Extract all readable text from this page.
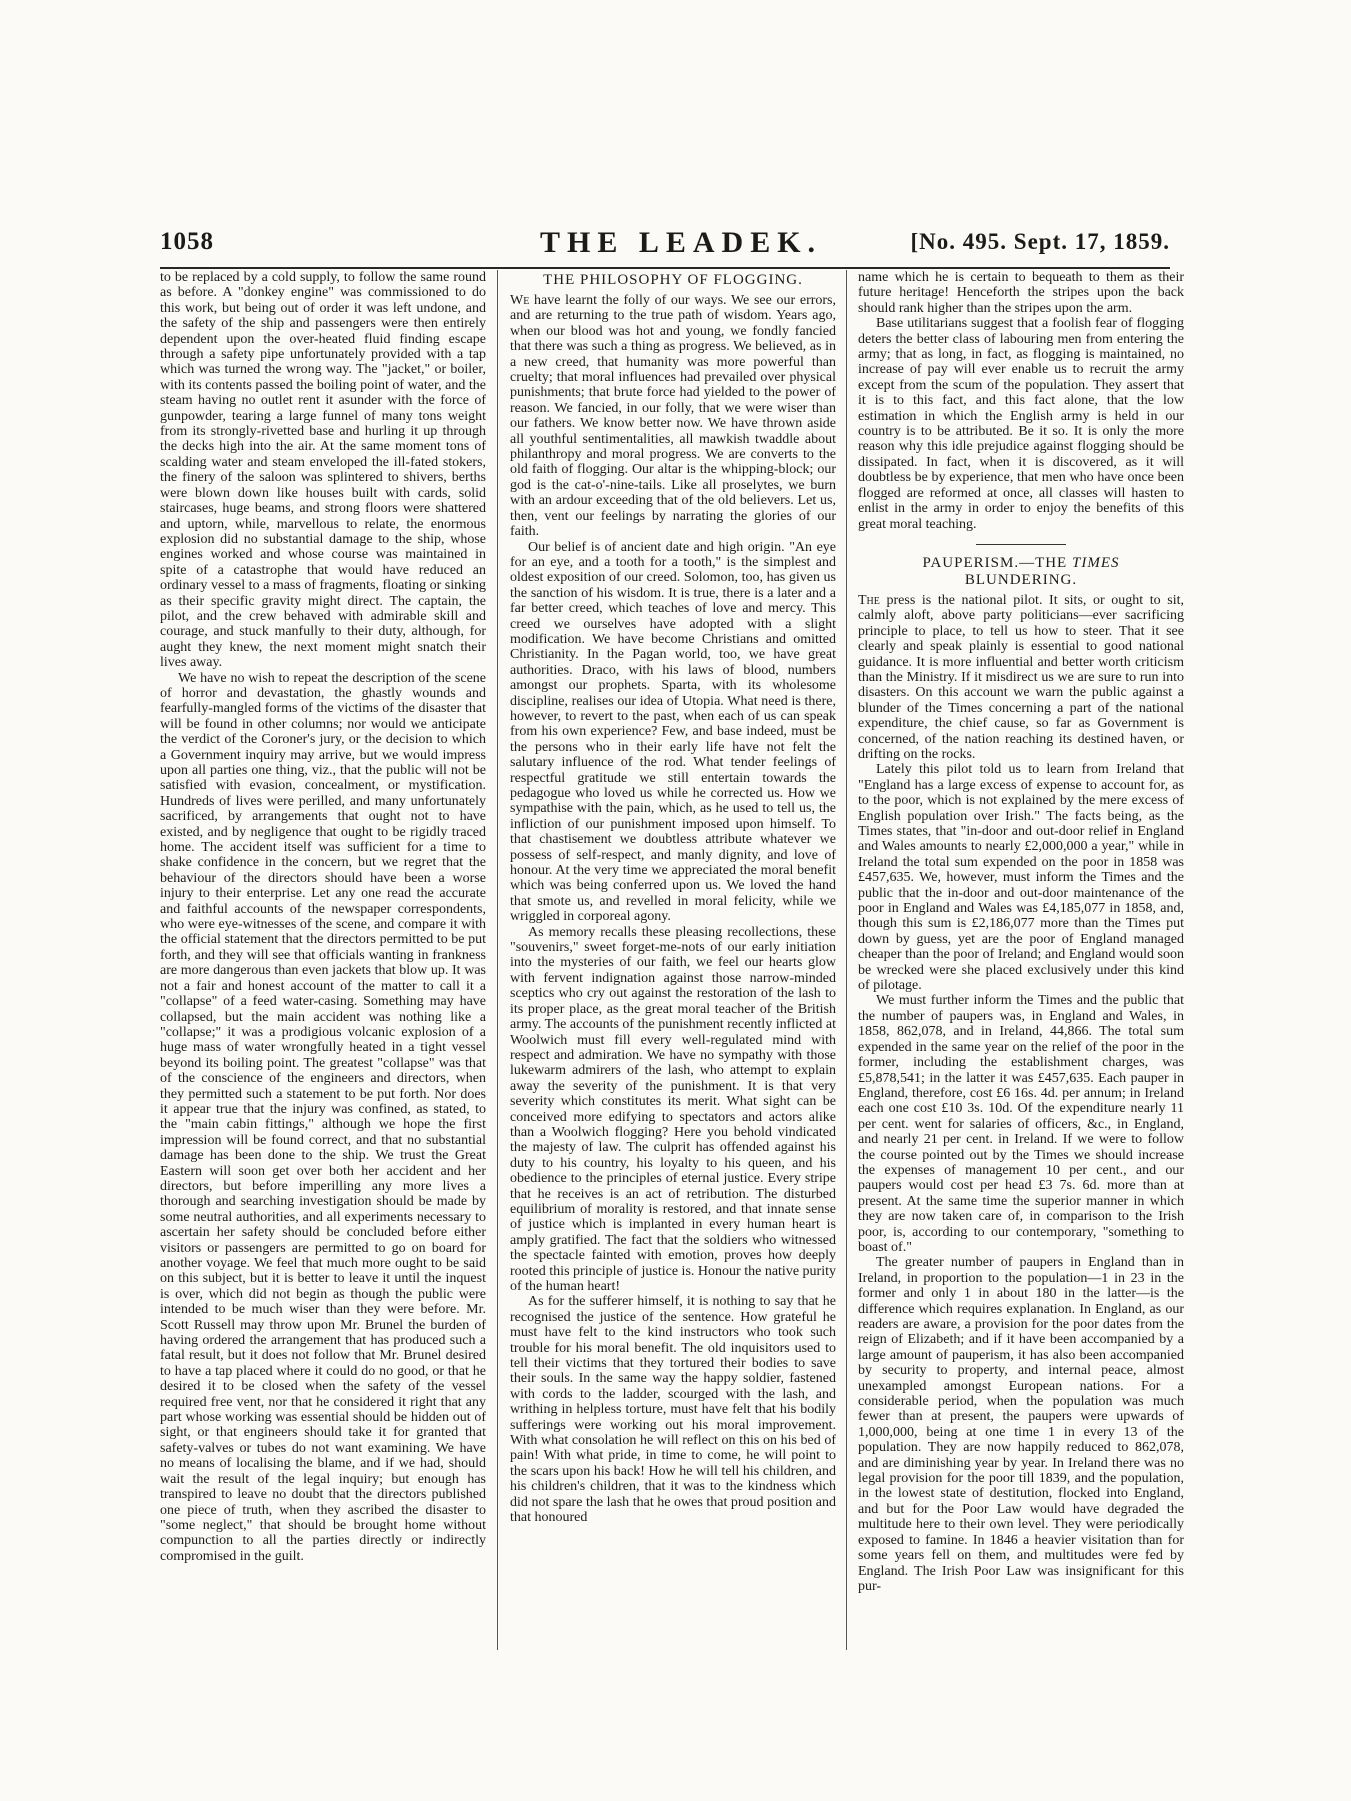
1058	THE LEADEK.	[No. 495. Sept. 17, 1859.

to be replaced by a cold supply, to follow the same round as before. A "donkey engine" was commissioned to do this work, but being out of order it was left undone, and the safety of the ship and passengers were then entirely dependent upon the over-heated fluid finding escape through a safety pipe unfortunately provided with a tap which was turned the wrong way. The "jacket," or boiler, with its contents passed the boiling point of water, and the steam having no outlet rent it asunder with the force of gunpowder, tearing a large funnel of many tons weight from its strongly-rivetted base and hurling it up through the decks high into the air. At the same moment tons of scalding water and steam enveloped the ill-fated stokers, the finery of the saloon was splintered to shivers, berths were blown down like houses built with cards, solid staircases, huge beams, and strong floors were shattered and uptorn, while, marvellous to relate, the enormous explosion did no substantial damage to the ship, whose engines worked and whose course was maintained in spite of a catastrophe that would have reduced an ordinary vessel to a mass of fragments, floating or sinking as their specific gravity might direct. The captain, the pilot, and the crew behaved with admirable skill and courage, and stuck manfully to their duty, although, for aught they knew, the next moment might snatch their lives away.

We have no wish to repeat the description of the scene of horror and devastation, the ghastly wounds and fearfully-mangled forms of the victims of the disaster that will be found in other columns; nor would we anticipate the verdict of the Coroner's jury, or the decision to which a Government inquiry may arrive, but we would impress upon all parties one thing, viz., that the public will not be satisfied with evasion, concealment, or mystification. Hundreds of lives were perilled, and many unfortunately sacrificed, by arrangements that ought not to have existed, and by negligence that ought to be rigidly traced home. The accident itself was sufficient for a time to shake confidence in the concern, but we regret that the behaviour of the directors should have been a worse injury to their enterprise. Let any one read the accurate and faithful accounts of the newspaper correspondents, who were eye-witnesses of the scene, and compare it with the official statement that the directors permitted to be put forth, and they will see that officials wanting in frankness are more dangerous than even jackets that blow up. It was not a fair and honest account of the matter to call it a "collapse" of a feed water-casing. Something may have collapsed, but the main accident was nothing like a "collapse;" it was a prodigious volcanic explosion of a huge mass of water wrongfully heated in a tight vessel beyond its boiling point. The greatest "collapse" was that of the conscience of the engineers and directors, when they permitted such a statement to be put forth. Nor does it appear true that the injury was confined, as stated, to the "main cabin fittings," although we hope the first impression will be found correct, and that no substantial damage has been done to the ship. We trust the Great Eastern will soon get over both her accident and her directors, but before imperilling any more lives a thorough and searching investigation should be made by some neutral authorities, and all experiments necessary to ascertain her safety should be concluded before either visitors or passengers are permitted to go on board for another voyage. We feel that much more ought to be said on this subject, but it is better to leave it until the inquest is over, which did not begin as though the public were intended to be much wiser than they were before. Mr. Scott Russell may throw upon Mr. Brunel the burden of having ordered the arrangement that has produced such a fatal result, but it does not follow that Mr. Brunel desired to have a tap placed where it could do no good, or that he desired it to be closed when the safety of the vessel required free vent, nor that he considered it right that any part whose working was essential should be hidden out of sight, or that engineers should take it for granted that safety-valves or tubes do not want examining. We have no means of localising the blame, and if we had, should wait the result of the legal inquiry; but enough has transpired to leave no doubt that the directors published one piece of truth, when they ascribed the disaster to "some neglect," that should be brought home without compunction to all the parties directly or indirectly compromised in the guilt.

THE PHILOSOPHY OF FLOGGING.

We have learnt the folly of our ways. We see our errors, and are returning to the true path of wisdom. Years ago, when our blood was hot and young, we fondly fancied that there was such a thing as progress. We believed, as in a new creed, that humanity was more powerful than cruelty; that moral influences had prevailed over physical punishments; that brute force had yielded to the power of reason. We fancied, in our folly, that we were wiser than our fathers. We know better now. We have thrown aside all youthful sentimentalities, all mawkish twaddle about philanthropy and moral progress. We are converts to the old faith of flogging. Our altar is the whipping-block; our god is the cat-o'-nine-tails. Like all proselytes, we burn with an ardour exceeding that of the old believers. Let us, then, vent our feelings by narrating the glories of our faith.

Our belief is of ancient date and high origin. "An eye for an eye, and a tooth for a tooth," is the simplest and oldest exposition of our creed. Solomon, too, has given us the sanction of his wisdom. It is true, there is a later and a far better creed, which teaches of love and mercy. This creed we ourselves have adopted with a slight modification. We have become Christians and omitted Christianity. In the Pagan world, too, we have great authorities. Draco, with his laws of blood, numbers amongst our prophets. Sparta, with its wholesome discipline, realises our idea of Utopia. What need is there, however, to revert to the past, when each of us can speak from his own experience? Few, and base indeed, must be the persons who in their early life have not felt the salutary influence of the rod. What tender feelings of respectful gratitude we still entertain towards the pedagogue who loved us while he corrected us. How we sympathise with the pain, which, as he used to tell us, the infliction of our punishment imposed upon himself. To that chastisement we doubtless attribute whatever we possess of self-respect, and manly dignity, and love of honour. At the very time we appreciated the moral benefit which was being conferred upon us. We loved the hand that smote us, and revelled in moral felicity, while we wriggled in corporeal agony.

As memory recalls these pleasing recollections, these "souvenirs," sweet forget-me-nots of our early initiation into the mysteries of our faith, we feel our hearts glow with fervent indignation against those narrow-minded sceptics who cry out against the restoration of the lash to its proper place, as the great moral teacher of the British army. The accounts of the punishment recently inflicted at Woolwich must fill every well-regulated mind with respect and admiration. We have no sympathy with those lukewarm admirers of the lash, who attempt to explain away the severity of the punishment. It is that very severity which constitutes its merit. What sight can be conceived more edifying to spectators and actors alike than a Woolwich flogging? Here you behold vindicated the majesty of law. The culprit has offended against his duty to his country, his loyalty to his queen, and his obedience to the principles of eternal justice. Every stripe that he receives is an act of retribution. The disturbed equilibrium of morality is restored, and that innate sense of justice which is implanted in every human heart is amply gratified. The fact that the soldiers who witnessed the spectacle fainted with emotion, proves how deeply rooted this principle of justice is. Honour the native purity of the human heart!

As for the sufferer himself, it is nothing to say that he recognised the justice of the sentence. How grateful he must have felt to the kind instructors who took such trouble for his moral benefit. The old inquisitors used to tell their victims that they tortured their bodies to save their souls. In the same way the happy soldier, fastened with cords to the ladder, scourged with the lash, and writhing in helpless torture, must have felt that his bodily sufferings were working out his moral improvement. With what consolation he will reflect on this on his bed of pain! With what pride, in time to come, he will point to the scars upon his back! How he will tell his children, and his children's children, that it was to the kindness which did not spare the lash that he owes that proud position and that honoured

name which he is certain to bequeath to them as their future heritage! Henceforth the stripes upon the back should rank higher than the stripes upon the arm.

Base utilitarians suggest that a foolish fear of flogging deters the better class of labouring men from entering the army; that as long, in fact, as flogging is maintained, no increase of pay will ever enable us to recruit the army except from the scum of the population. They assert that it is to this fact, and this fact alone, that the low estimation in which the English army is held in our country is to be attributed. Be it so. It is only the more reason why this idle prejudice against flogging should be dissipated. In fact, when it is discovered, as it will doubtless be by experience, that men who have once been flogged are reformed at once, all classes will hasten to enlist in the army in order to enjoy the benefits of this great moral teaching.

PAUPERISM.—THE TIMES
BLUNDERING.

The press is the national pilot. It sits, or ought to sit, calmly aloft, above party politicians—ever sacrificing principle to place, to tell us how to steer. That it see clearly and speak plainly is essential to good national guidance. It is more influential and better worth criticism than the Ministry. If it misdirect us we are sure to run into disasters. On this account we warn the public against a blunder of the Times concerning a part of the national expenditure, the chief cause, so far as Government is concerned, of the nation reaching its destined haven, or drifting on the rocks.

Lately this pilot told us to learn from Ireland that "England has a large excess of expense to account for, as to the poor, which is not explained by the mere excess of English population over Irish." The facts being, as the Times states, that "in-door and out-door relief in England and Wales amounts to nearly £2,000,000 a year," while in Ireland the total sum expended on the poor in 1858 was £457,635. We, however, must inform the Times and the public that the in-door and out-door maintenance of the poor in England and Wales was £4,185,077 in 1858, and, though this sum is £2,186,077 more than the Times put down by guess, yet are the poor of England managed cheaper than the poor of Ireland; and England would soon be wrecked were she placed exclusively under this kind of pilotage.

We must further inform the Times and the public that the number of paupers was, in England and Wales, in 1858, 862,078, and in Ireland, 44,866. The total sum expended in the same year on the relief of the poor in the former, including the establishment charges, was £5,878,541; in the latter it was £457,635. Each pauper in England, therefore, cost £6 16s. 4d. per annum; in Ireland each one cost £10 3s. 10d. Of the expenditure nearly 11 per cent. went for salaries of officers, &c., in England, and nearly 21 per cent. in Ireland. If we were to follow the course pointed out by the Times we should increase the expenses of management 10 per cent., and our paupers would cost per head £3 7s. 6d. more than at present. At the same time the superior manner in which they are now taken care of, in comparison to the Irish poor, is, according to our contemporary, "something to boast of."

The greater number of paupers in England than in Ireland, in proportion to the population—1 in 23 in the former and only 1 in about 180 in the latter—is the difference which requires explanation. In England, as our readers are aware, a provision for the poor dates from the reign of Elizabeth; and if it have been accompanied by a large amount of pauperism, it has also been accompanied by security to property, and internal peace, almost unexampled amongst European nations. For a considerable period, when the population was much fewer than at present, the paupers were upwards of 1,000,000, being at one time 1 in every 13 of the population. They are now happily reduced to 862,078, and are diminishing year by year. In Ireland there was no legal provision for the poor till 1839, and the population, in the lowest state of destitution, flocked into England, and but for the Poor Law would have degraded the multitude here to their own level. They were periodically exposed to famine. In 1846 a heavier visitation than for some years fell on them, and multitudes were fed by England. The Irish Poor Law was insignificant for this pur-
